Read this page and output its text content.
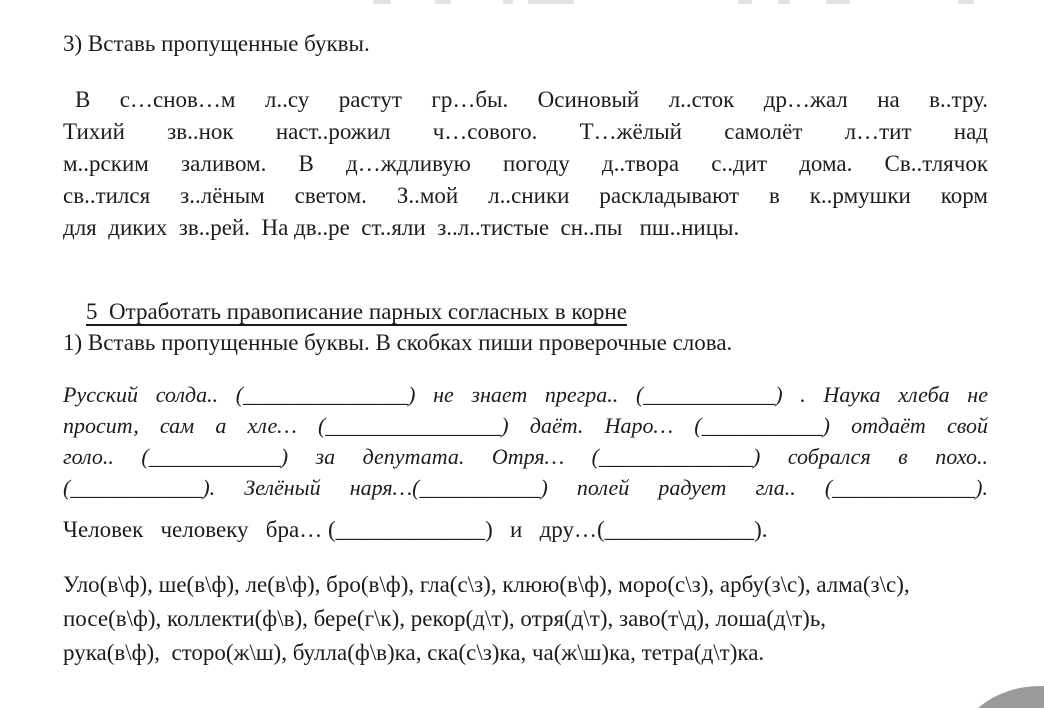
3) Вставь пропущенные буквы.
В с…снов…м л..су растут гр…бы. Осиновый л..сток др…жал на в..тру.
Тихий зв..нок наст..рожил ч…сового. Т…жёлый самолёт л…тит над
м..рским заливом. В д…ждливую погоду д..твора с..дит дома. Св..тлячок
св..тился з..лёным светом. З..мой л..сники раскладывают в к..рмушки корм
для  диких  зв..рей.  На дв..ре  ст..яли  з..л..тистые  сн..пы   пш..ницы.

5  Отработать правописание парных согласных в корне

1) Вставь пропущенные буквы. В скобках пиши проверочные слова.
Русский солда.. (_______________) не знает прегра.. (____________) . Наука хлеба не
просит, сам а хле… (________________) даёт. Наро… (___________) отдаёт свой
голо.. (____________) за депутата. Отря… (______________) собрался в похо..
(____________). Зелёный наря…(___________) полей радует гла.. (_____________).
Человек   человеку   бра… (_____________)   и   дру…(_____________).
Уло(в\ф), ше(в\ф), ле(в\ф), бро(в\ф), гла(с\з), клюю(в\ф), моро(с\з), арбу(з\с), алма(з\с),
посе(в\ф), коллекти(ф\в), бере(г\к), рекор(д\т), отря(д\т), заво(т\д), лоша(д\т)ь,
рука(в\ф),  сторо(ж\ш), булла(ф\в)ка, ска(с\з)ка, ча(ж\ш)ка, тетра(д\т)ка.
